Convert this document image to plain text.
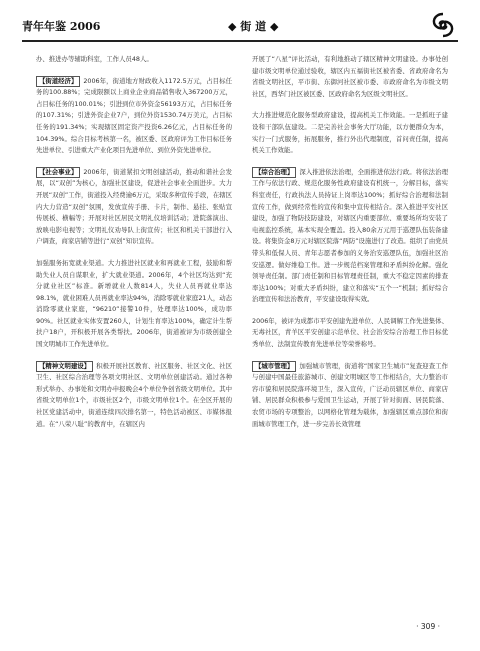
青年年鉴 2006	◆ 街 道 ◆

办、推进办等辅助科室，工作人员48人。

【街道经济】 2006年，街道地方财政收入1172.5万元，占目标任务的100.88%；完成限额以上商业企业商品销售收入367200万元，占目标任务的100.01%；引进到位市外资金56193万元，占目标任务的107.31%；引进外资企业7户，到位外资1530.74万美元，占目标任务的191.34%；实现辖区固定资产投资6.26亿元，占目标任务的104.39%。综合目标考核第一名，被区委、区政府评为工作目标任务先进单位、引进重大产业化项目先进单位、到位外资先进单位。

【社会事业】 2006年，街道紧扣文明创建活动，推动和谐社会发展，以“双创”为核心，加强社区建设，促进社会事业全面进步。大力开展“双创”工作，街道投入经费逾6万元，采取多种宣传手段，在辖区内大力营造“双创”氛围，发放宣传手册、卡片，制作、悬挂、张贴宣传展板、横幅等；开展对社区居民文明礼仪培训活动；进院落演出、放映电影电视等；文明礼仪劝导队上街宣传；社区和机关干部进行入户调查，商家店铺等进行“双创”知识宣传。

加强服务拓宽就业渠道。大力推进社区就业和再就业工程，鼓励和帮助失业人员自谋职业，扩大就业渠道。2006年，4个社区均达到“充分就业社区”标准。新增就业人数814人，失业人员再就业率达98.1%，就业困难人员再就业率达94%，消除零就业家庭21人，动态消除零就业家庭，“96210”接警10件，处理率达100%，成功率90%。社区就业实体安置260人，计划生育率达100%，确定计生帮扶户18户，开积极开展各类帮扶。2006年，街道被评为市级创建全国文明城市工作先进单位。

【精神文明建设】 积极开展社区教育、社区服务、社区文化、社区卫生、社区综合治理等各项文明社区、文明单位创建活动。通过各种形式举办、办事处和文明办申报晚会4个单位争创省级文明单位。其中省级文明单位1个，市级社区2个，市级文明单位1个。在全区开展的社区党建活动中，街道连续四次排名第一，特色活动被区、市媒体报道。在“八荣八耻”的教育中，在辖区内

开展了“八星”评比活动，有利地推动了辖区精神文明建设。办事处创建市级文明单位通过验收，辖区内五福街社区被省委、省政府命名为省级文明社区，平市街、东御河社区被市委、市政府命名为市级文明社区，西华门社区被区委、区政府命名为区级文明社区。

大力推进规范化服务型政府建设，提高机关工作效能。一是抓班子建设和干部队伍建设。二是完善社会事务大厅功能，以方便群众为本，实行一门式服务，拓展服务，推行外出代理制度，首问责任制，提高机关工作效能。

【综合治理】 深入推进依法治理，全面推进依法行政。将依法治理工作与依法行政、规范化服务性政府建设有机统一，分解目标，落实科室责任，行政执法人员持证上岗率达100%；抓好综合治理和法制宣传工作，做到经常性的宣传和集中宣传相结合。深入推进平安社区建设，加强了物防技防建设，对辖区内重要部位、重要场所均安装了电视监控系统，基本实现全覆盖。投入80余万元用于巡逻队伍装备建设。将集资金8万元对辖区院落“两防”设施进行了改造。组织了由党员带头和低保人员、青年志愿者参加的义务治安巡逻队伍，加强社区治安巡逻。做好维稳工作。进一步规范档案管理和矛盾纠纷化解。强化领导责任制。部门责任制和目标管理责任制，重大不稳定因素的排查率达100%；对重大矛盾纠纷，建立和落实“五个一”机制；抓好综合治理宣传和法治教育，平安建设取得实效。

2006年，被评为成都市平安创建先进单位、人民调解工作先进集体、无毒社区，青羊区平安创建示范单位、社会治安综合治理工作目标优秀单位、法制宣传教育先进单位等荣誉称号。

【城市管理】 加强城市管理，街道将“国家卫生城市”复查迎查工作与创建中国最佳旅游城市、创建文明城区等工作相结合，大力整治市容市貌和居民院落环境卫生，深入宣传，广泛动员辖区单位、商家店铺、居民群众积极参与爱国卫生运动，开展了针对街面、居民院落、农贸市场的专项整治，以网格化管理为载体，加强辖区重点部位和街面城市管理工作，进一步完善长效管理

· 309 ·
